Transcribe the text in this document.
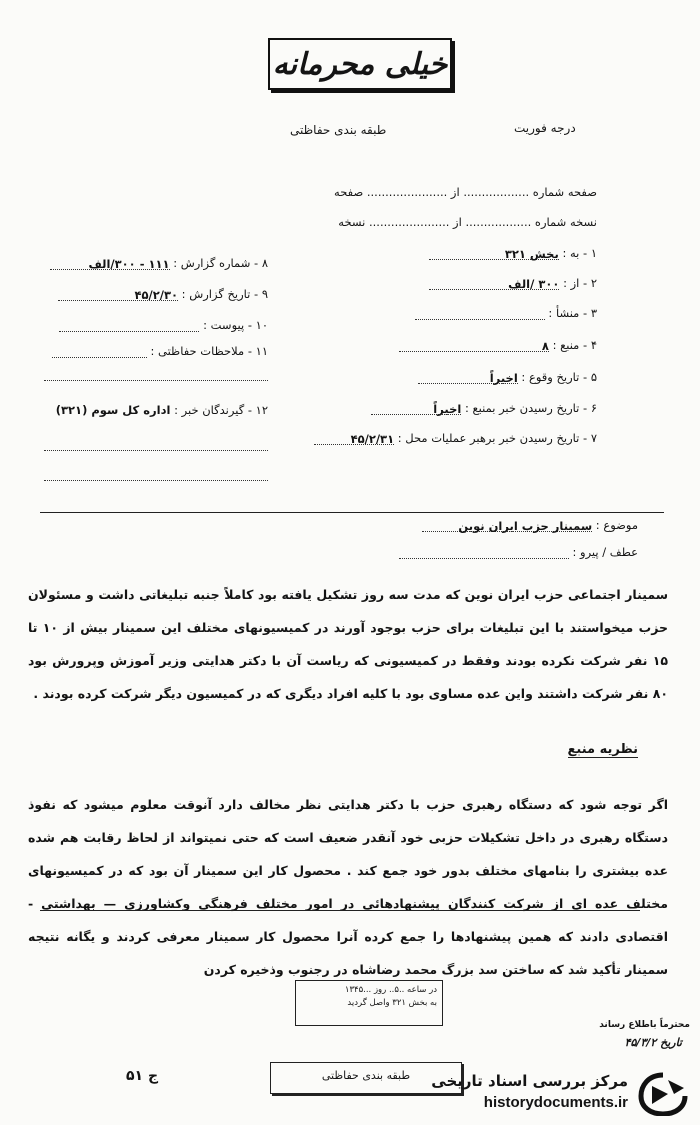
خیلی محرمانه
درجه فوریت
طبقه بندی حفاظتی
صفحه شماره .................. از ...................... صفحه
نسخه شماره .................. از ...................... نسخه
۱ - به : بخش ۳۲۱
۲ - از : ۳۰۰ /الف
۳ - منشأ :
۴ - منبع : ۸
۵ - تاریخ وقوع : اخیراً
۶ - تاریخ رسیدن خبر بمنبع : اخیراً
۷ - تاریخ رسیدن خبر برهبر عملیات محل : ۴۵/۲/۳۱
۸ - شماره گزارش : ۱۱۱ - ۳۰۰/الف
۹ - تاریخ گزارش : ۴۵/۲/۳۰
۱۰ - پیوست :
۱۱ - ملاحظات حفاظتی :
۱۲ - گیرندگان خبر : اداره کل سوم (۳۲۱)
موضوع : سمینار حزب ایران نوین
عطف / پیرو :
سمینار اجتماعی حزب ایران نوین که مدت سه روز تشکیل یافته بود کاملاً جنبه تبلیغاتی داشت و مسئولان حزب میخواستند با این تبلیغات برای حزب بوجود آورند در کمیسیونهای مختلف این سمینار بیش از ۱۰ تا ۱۵ نفر شرکت نکرده بودند وفقط در کمیسیونی که ریاست آن با دکتر هدایتی وزیر آموزش وپرورش بود ۸۰ نفر شرکت داشتند واین عده مساوی بود با کلیه افراد دیگری که در کمیسیون دیگر شرکت کرده بودند .
نظریه منبع
اگر توجه شود که دستگاه رهبری حزب با دکتر هدایتی نظر مخالف دارد آنوقت معلوم میشود که نفوذ دستگاه رهبری در داخل تشکیلات حزبی خود آنقدر ضعیف است که حتی نمیتواند از لحاظ رقابت هم شده عده بیشتری را بنامهای مختلف بدور خود جمع کند . محصول کار این سمینار آن بود که در کمیسیونهای مختلف عده ای از شرکت کنندگان پیشنهادهائی در امور مختلف فرهنگی وکشاورزی — بهداشتی - اقتصادی دادند که همین پیشنهادها را جمع کرده آنرا محصول کار سمینار معرفی کردند و یگانه نتیجه سمینار تأکید شد که ساختن سد بزرگ محمد رضاشاه در رجنوب وذخیره کردن
در ساعه ..۵.. روز ...۱۳۴۵
به بخش ۳۲۱ واصل گردید
محترماً باطلاع رساند
تاریخ ۴۵/۳/۲
طبقه بندی حفاظتی
ج ۵۱	مرکز بررسی اسناد تاریخی
historydocuments.ir
